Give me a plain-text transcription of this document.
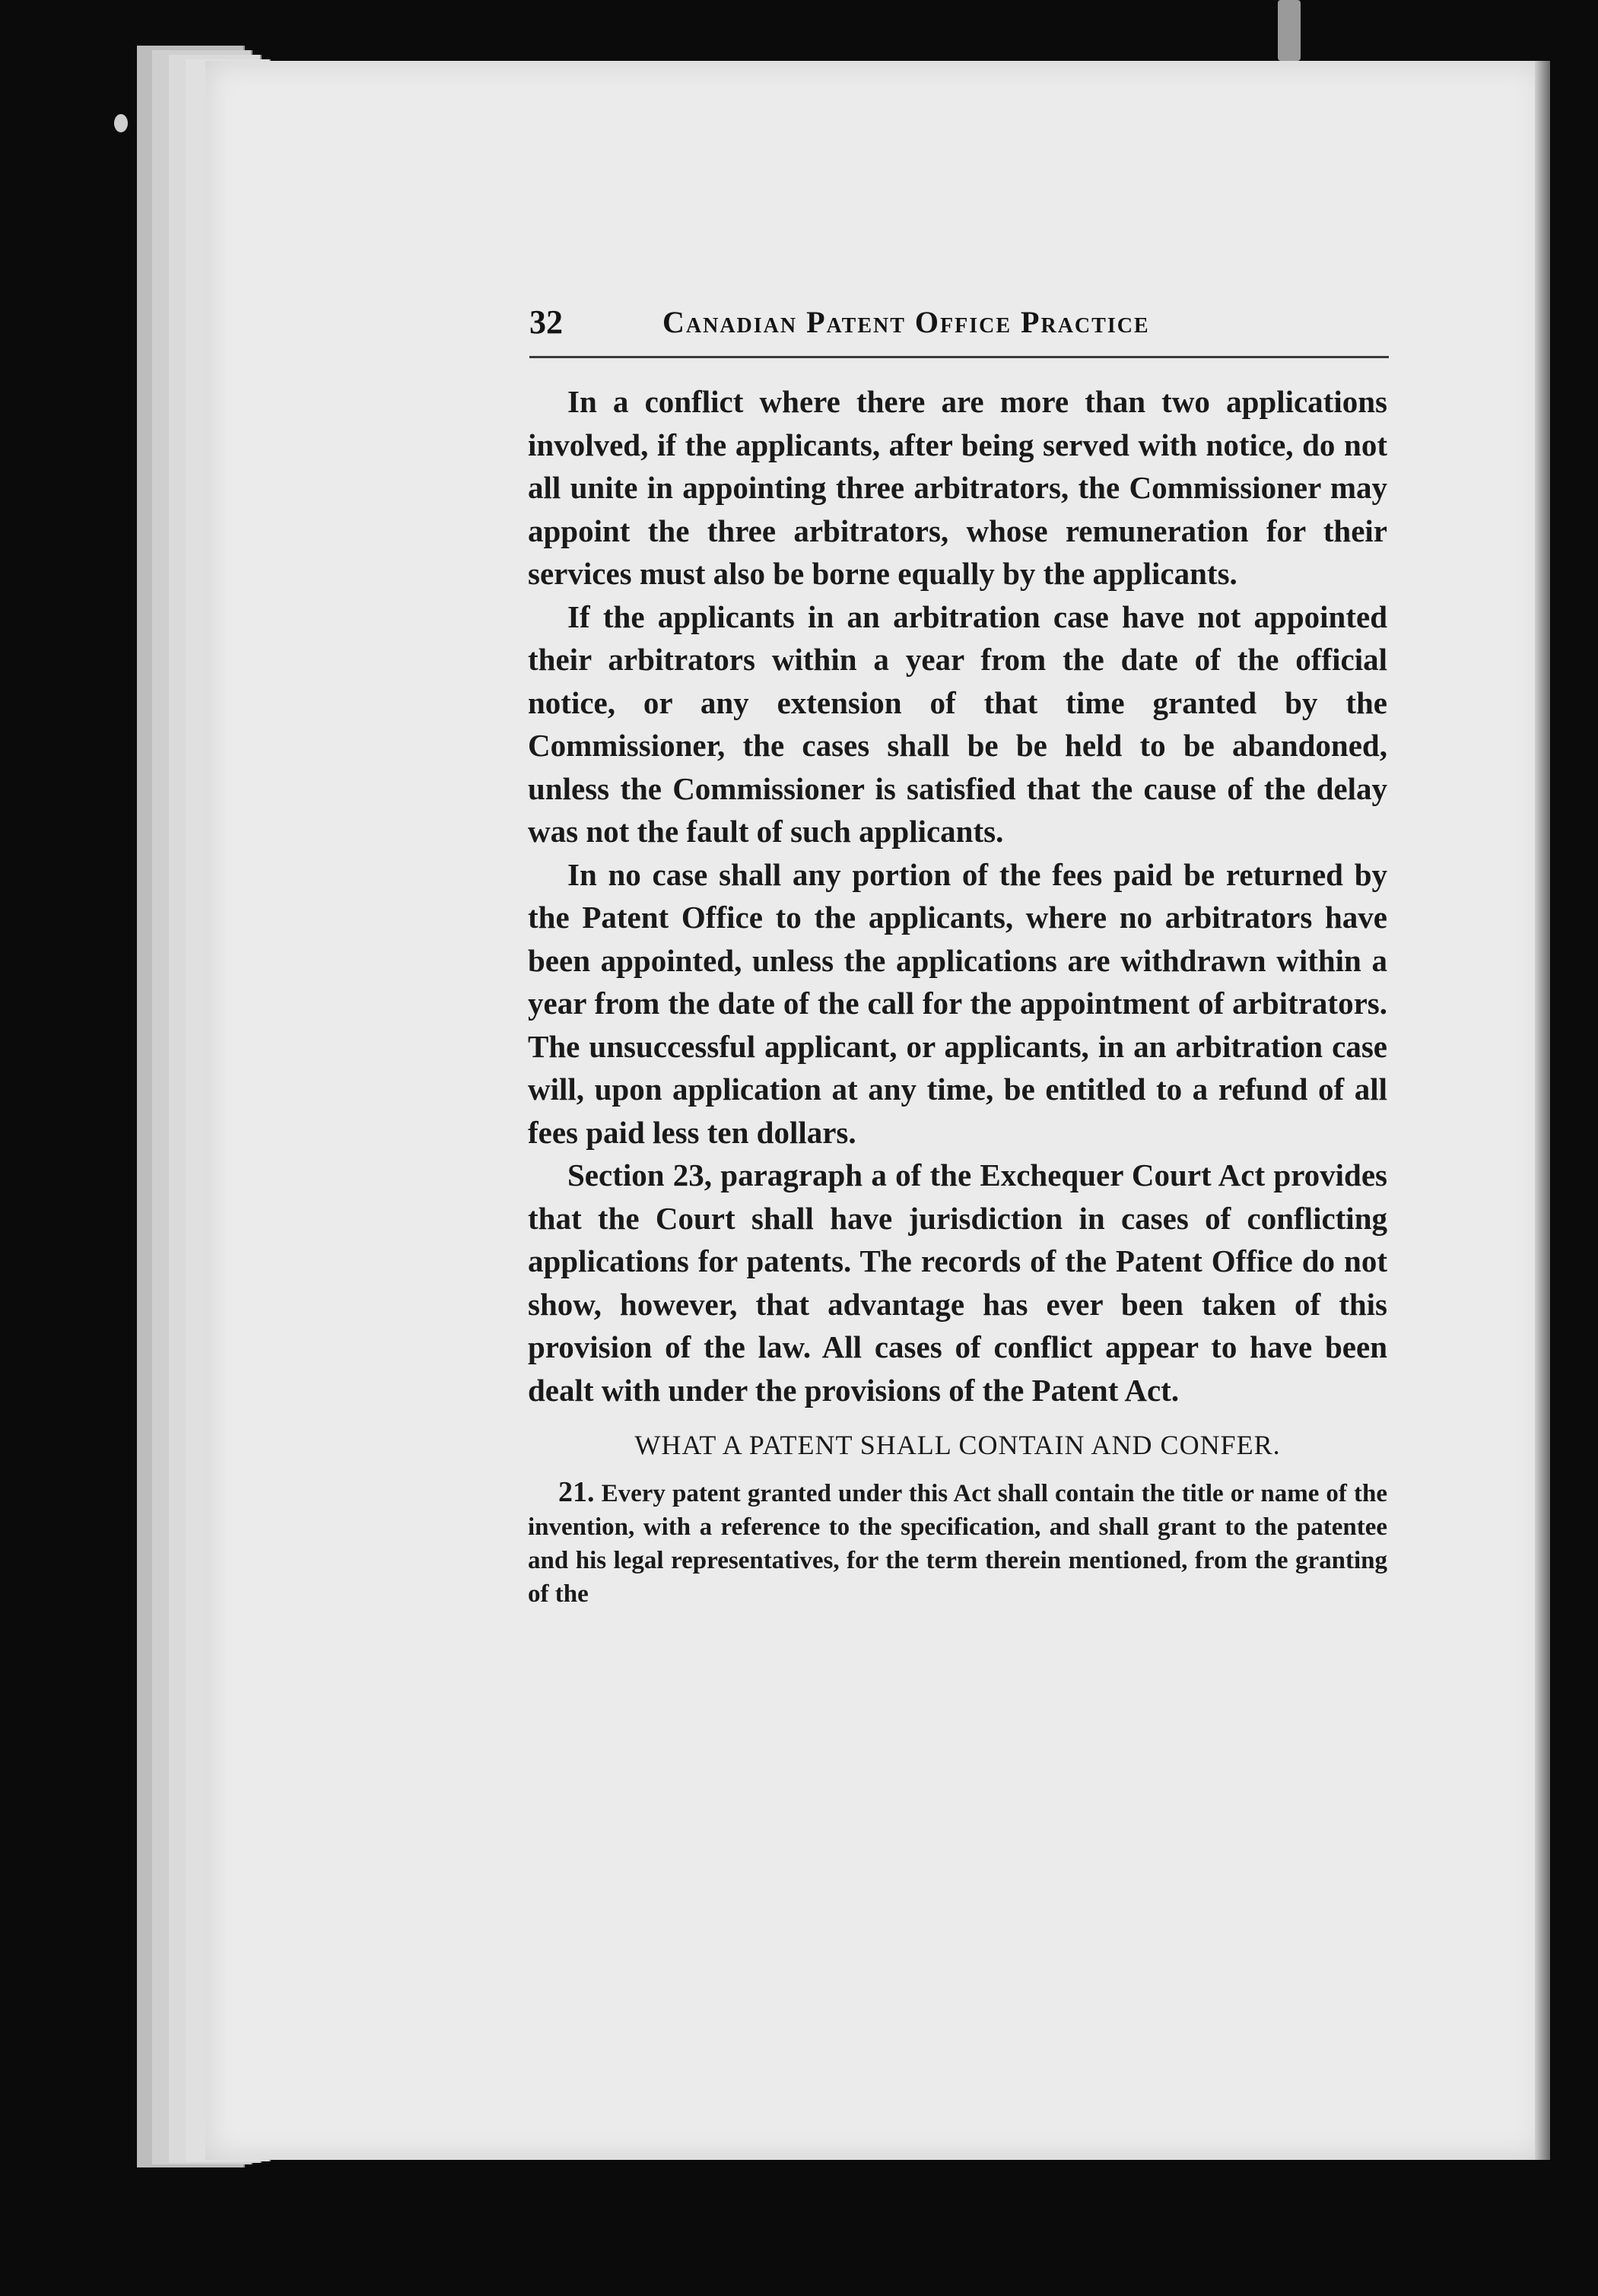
32	Canadian Patent Office Practice

In a conflict where there are more than two applications involved, if the applicants, after being served with notice, do not all unite in appointing three arbitrators, the Commissioner may appoint the three arbitrators, whose remuneration for their services must also be borne equally by the applicants.

If the applicants in an arbitration case have not appointed their arbitrators within a year from the date of the official notice, or any extension of that time granted by the Commissioner, the cases shall be be held to be abandoned, unless the Commissioner is satisfied that the cause of the delay was not the fault of such applicants.

In no case shall any portion of the fees paid be returned by the Patent Office to the applicants, where no arbitrators have been appointed, unless the applications are withdrawn within a year from the date of the call for the appointment of arbitrators. The unsuccessful applicant, or applicants, in an arbitration case will, upon application at any time, be entitled to a refund of all fees paid less ten dollars.

Section 23, paragraph a of the Exchequer Court Act provides that the Court shall have jurisdiction in cases of conflicting applications for patents. The records of the Patent Office do not show, however, that advantage has ever been taken of this provision of the law. All cases of conflict appear to have been dealt with under the provisions of the Patent Act.

WHAT A PATENT SHALL CONTAIN AND CONFER.
21. Every patent granted under this Act shall contain the title or name of the invention, with a reference to the specification, and shall grant to the patentee and his legal representatives, for the term therein mentioned, from the granting of the
